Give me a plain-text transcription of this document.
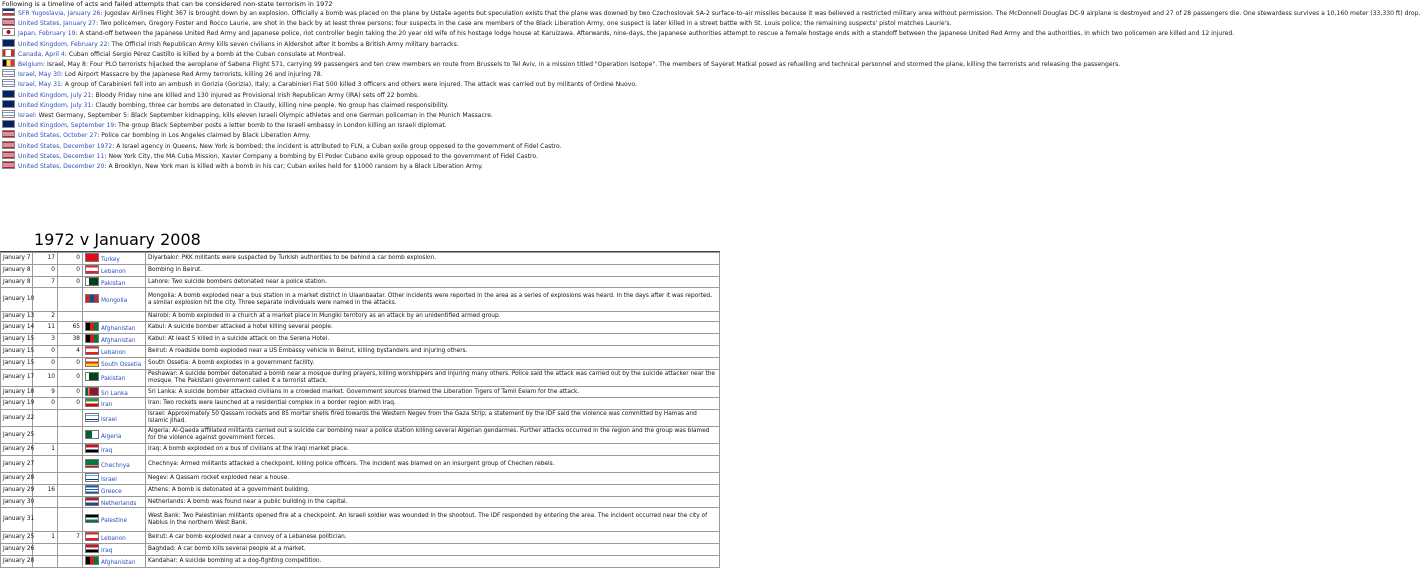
Following is a timeline of acts and failed attempts that can be considered non-state terrorism in 1972
SFR Yugoslavia, January 26: Jugoslav Airlines Flight 367 is brought down by an explosion. Officially a bomb was placed on the plane by Ustaše agents but speculation exists that the plane was downed by two Czechoslovak SA-2 surface-to-air missiles because it was believed a restricted military area without permission. The McDonnell Douglas DC-9 airplane is destroyed and 27 of 28 passengers die. One stewardess survives a 10,160 meter (33,330 ft) drop.
United States, January 27: Two policemen, Gregory Foster and Rocco Laurie, are shot in the back by at least three persons; four suspects in the case are members of the Black Liberation Army, one suspect is later killed in a street battle with St. Louis police; the remaining suspects' pistol matches Laurie's.
Japan, February 19: A stand-off between the Japanese United Red Army and Japanese police, riot controller begin taking the 20 year old wife of his hostage lodge house at Karuizawa. Afterwards, nine-days, the Japanese authorities attempt to rescue a female hostage ends with a standoff between the Japanese United Red Army and the authorities, in which two policemen are killed and 12 injured.
United Kingdom, February 22: The Official Irish Republican Army kills seven civilians in Aldershot after it bombs a British Army military barracks.
Canada, April 4: Cuban official Sergio Pérez Castillo is killed by a bomb at the Cuban consulate at Montreal.
Belgium: Israel, May 8: Four PLO terrorists hijacked the aeroplane of Sabena Flight 571, carrying 99 passengers and ten crew members en route from Brussels to Tel Aviv, in a mission titled "Operation Isotope". The members of Sayeret Matkal posed as refuelling and technical personnel and stormed the plane, killing the terrorists and releasing the passengers.
Israel, May 30: Lod Airport Massacre by the Japanese Red Army terrorists, killing 26 and injuring 78.
Israel, May 31: A group of Carabinieri fell into an ambush in Gorizia (Gorizia), Italy; a Carabinieri Fiat 500 killed 3 officers and others were injured. The attack was carried out by militants of Ordine Nuovo.
United Kingdom, July 21: Bloody Friday nine are killed and 130 injured as Provisional Irish Republican Army (IRA) sets off 22 bombs.
United Kingdom, July 31: Claudy bombing, three car bombs are detonated in Claudy, killing nine people. No group has claimed responsibility.
Israel: West Germany, September 5: Black September kidnapping, kills eleven Israeli Olympic athletes and one German policeman in the Munich Massacre.
United Kingdom, September 19: The group Black September posts a letter bomb to the Israeli embassy in London killing an Israeli diplomat.
United States, October 27: Police car bombing in Los Angeles claimed by Black Liberation Army.
United States, December 1972: A Israel agency in Queens, New York is bombed; the incident is attributed to FLN, a Cuban exile group opposed to the government of Fidel Castro.
United States, December 11: New York City, the MA Cuba Mission, Xavier Company a bombing by El Poder Cubano exile group opposed to the government of Fidel Castro.
United States, December 20: A Brooklyn, New York man is killed with a bomb in his car; Cuban exiles held for $1000 ransom by a Black Liberation Army.
1972 v January 2008
January 7	17	0	Turkey	Diyarbakır: PKK militants were suspected by Turkish authorities to be behind a car bomb explosion.
January 8	0	0	Lebanon	Bombing in Beirut.
January 8	7	0	Pakistan	Lahore: Two suicide bombers detonated near a police station.
January 10			Mongolia	Mongolia: A bomb exploded near a bus station in a market district in Ulaanbaatar. Other incidents were reported in the area as a series of explosions was heard. In the days after it was reported, a similar explosion hit the city. Three separate individuals were named in the attacks.
January 13	2			Nairobi: A bomb exploded in a church at a market place in Mungiki territory as an attack by an unidentified armed group.
January 14	11	65	Afghanistan	Kabul: A suicide bomber attacked a hotel killing several people.
January 15	3	38	Afghanistan	Kabul: At least 5 killed in a suicide attack on the Serena Hotel.
January 15	0	4	Lebanon	Beirut: A roadside bomb exploded near a US Embassy vehicle in Beirut, killing bystanders and injuring others.
January 15	0	0	South Ossetia	South Ossetia: A bomb explodes in a government facility.
January 17	10	0	Pakistan	Peshawar: A suicide bomber detonated a bomb near a mosque during prayers, killing worshippers and injuring many others. Police said the attack was carried out by the suicide attacker near the mosque. The Pakistani government called it a terrorist attack.
January 18	9	0	Sri Lanka	Sri Lanka: A suicide bomber attacked civilians in a crowded market. Government sources blamed the Liberation Tigers of Tamil Eelam for the attack.
January 19	0	0	Iran	Iran: Two rockets were launched at a residential complex in a border region with Iraq.
January 22			Israel	Israel: Approximately 50 Qassam rockets and 85 mortar shells fired towards the Western Negev from the Gaza Strip; a statement by the IDF said the violence was committed by Hamas and Islamic Jihad.
January 25			Algeria	Algeria: Al-Qaeda affiliated militants carried out a suicide car bombing near a police station killing several Algerian gendarmes. Further attacks occurred in the region and the group was blamed for the violence against government forces.
January 26	1		Iraq	Iraq: A bomb exploded on a bus of civilians at the Iraqi market place.
January 27			Chechnya	Chechnya: Armed militants attacked a checkpoint, killing police officers. The incident was blamed on an insurgent group of Chechen rebels.
January 28			Israel	Negev: A Qassam rocket exploded near a house.
January 29	16		Greece	Athens: A bomb is detonated at a government building.
January 30			Netherlands	Netherlands: A bomb was found near a public building in the capital.
January 31			Palestine	West Bank: Two Palestinian militants opened fire at a checkpoint. An Israeli soldier was wounded in the shootout. The IDF responded by entering the area. The incident occurred near the city of Nablus in the northern West Bank.
January 25	1	7	Lebanon	Beirut: A car bomb exploded near a convoy of a Lebanese politician.
January 26			Iraq	Baghdad: A car bomb kills several people at a market.
January 28			Afghanistan	Kandahar: A suicide bombing at a dog-fighting competition.
